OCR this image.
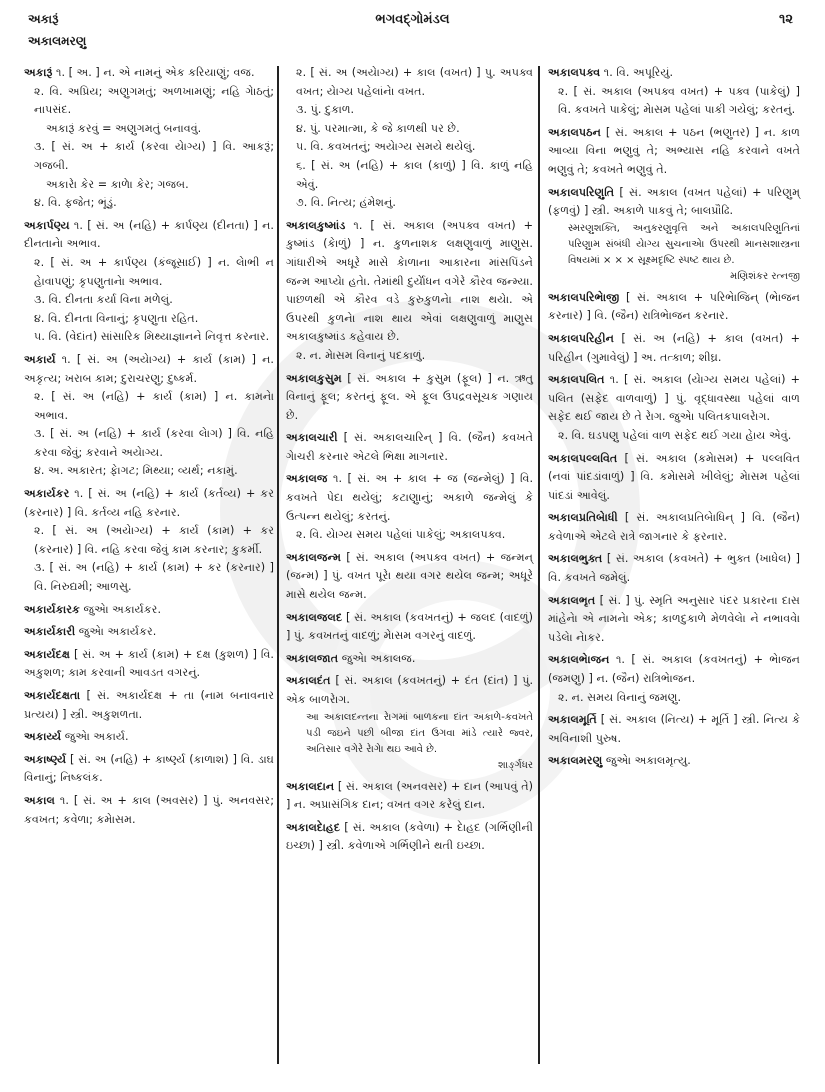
અકારૂં	ભગવદ્ગોમંડલ	૧૨
અકાલમરણુ
અકારૂં ૧. [ અ. ] ન. એ નામનું એક કરિયાણું; વજ.
૨. વિ. અપ્રિય; અણુગમતું; અળખામણું; નહિ ગેાઠતું; નાપસંદ.
અકારૂં કરવું = અણુગમતું બનાવવું.
૩. [ સં. અ + કાર્ય (કરવા યેાગ્ય) ] વિ. આકરૂં; ગજબી.
અકારેા કેર = કાળેા કેર; ગજબ.
૪. વિ. ફજેત; ભૂંડું.
અકાર્પણ્ય ૧. [ સં. અ (નહિ) + કાર્પણ્ય (દીનતા) ] ન. દીનતાનેા અભાવ.
૨. [ સં. અ + કાર્પણ્ય (કંજૂસાઈ) ] ન. લેાભી ન હેાવાપણું; કૃપણુતાનેા અભાવ.
૩. વિ. દીનતા કર્યા વિના મળેલું.
૪. વિ. દીનતા વિનાનું; કૃપણુતા રહિત.
૫. વિ. (વેદાંત) સાંસારિક મિથ્યાજ્ઞાનને નિવૃત્ત કરનાર.
અકાર્ય ૧. [ સં. અ (અયેાગ્ય) + કાર્ય (કામ) ] ન. અકૃત્ય; ખરાબ કામ; દુરાચરણુ; દુષ્કર્મ.
૨. [ સં. અ (નહિ) + કાર્ય (કામ) ] ન. કામનેા અભાવ.
૩. [ સં. અ (નહિ) + કાર્ય (કરવા લેાગ) ] વિ. નહિ કરવા જેવું; કરવાને અયેાગ્ય.
૪. અ. અકારત; ફેાગટ; મિથ્યા; વ્યર્થ; નકામું.
અકાર્યકર ૧. [ સં. અ (નહિ) + કાર્ય (કર્તવ્ય) + કર (કરનાર) ] વિ. કર્તવ્ય નહિ કરનાર.
૨. [ સં. અ (અયેાગ્ય) + કાર્ય (કામ) + કર (કરનાર) ] વિ. નહિ કરવા જેવું કામ કરનાર; કુકર્મી.
૩. [ સં. અ (નહિ) + કાર્ય (કામ) + કર (કરનાર) ] વિ. નિરુદ્યમી; આળસુ.
અકાર્યકારક જુએા અકાર્યકર.
અકાર્યકારી જુએા અકાર્યકર.
અકાર્યદક્ષ [ સં. અ + કાર્ય (કામ) + દક્ષ (કુશળ) ] વિ. અકુશળ; કામ કરવાની આવડત વગરનું.
અકાર્યદક્ષતા [ સં. અકાર્યદક્ષ + તા (નામ બનાવનાર પ્રત્યય) ] સ્ત્રી. અકુશળતા.
અકાર્ય્ય જુએા અકાર્ય.
અકાર્ષ્ણ્ય [ સં. અ (નહિ) + કાર્ષ્ણ્ય (કાળાશ) ] વિ. ડાઘ વિનાનું; નિષ્કલંક.
અકાલ ૧. [ સં. અ + કાલ (અવસર) ] પું. અનવસર; કવખત; કવેળા; કમેાસમ.
૨. [ સં. અ (અયેાગ્ય) + કાલ (વખત) ] પુ. અપક્વ વખત; યેાગ્ય પહેલાંનેા વખત.
૩. પું. દુકાળ.
૪. પું. પરમાત્મા, કે જે કાળથી પર છે.
૫. વિ. કવખતનું; અયેાગ્ય સમયે થયેલું.
૬. [ સં. અ (નહિ) + કાલ (કાળું) ] વિ. કાળું નહિ એવું.
૭. વિ. નિત્ય; હંમેશનું.
અકાલકુષ્માંડ ૧. [ સં. અકાલ (અપક્વ વખત) + કુષ્માંડ (કેાળું) ] ન. કુળનાશક લક્ષણુવાળું માણુસ. ગાંધારીએ અધૂરે માસે કેાળાના આકારના માંસપિંડને જન્મ આપ્યેા હતેા. તેમાંથી દુર્યેાધન વગેરે કૌરવ જન્મ્યા. પાછળથી એ કૌરવ વડે કુરુકુળનેા નાશ થયેા. એ ઉપરથી કુળનેા નાશ થાય એવાં લક્ષણુવાળું માણુસ અકાલકુષ્માંડ કહેવાય છે.
૨. ન. મેાસમ વિનાનું પદકાળું.
અકાલકુસુમ [ સં. અકાલ + કુસુમ (ફૂલ) ] ન. ઋતુ વિનાનું ફૂલ; કરતનું ફૂલ. એ ફૂલ ઉપદ્રવસૂચક ગણાય છે.
અકાલચારી [ સં. અકાલચારિન્ ] વિ. (જૈન) કવખતે ગેાચરી કરનાર એટલે ભિક્ષા માગનાર.
અકાલજ ૧. [ સં. અ + કાલ + જ (જન્મેલું) ] વિ. કવખતે પેદા થયેલું; કટાણુાનું; અકાળે જન્મેલું કે ઉત્પન્ન થયેલું; કરતનું.
૨. વિ. યેાગ્ય સમય પહેલાં પાકેલું; અકાલપક્વ.
અકાલજન્મ [ સં. અકાલ (અપક્વ વખત) + જન્મન્ (જન્મ) ] પું. વખત પૂરેા થયા વગર થયેલ જન્મ; અધૂરે માસે થયેલ જન્મ.
અકાલજલદ [ સં. અકાલ (કવખતનું) + જલદ (વાદળું) ] પું. કવખતનું વાદળું; મેાસમ વગરનું વાદળું.
અકાલજાત જુએા અકાલજ.
અકાલદંત [ સં. અકાલ (કવખતનું) + દંત (દાંત) ] પું. એક બાળરેાગ.
આ અકાલદન્તના રેાગમાં બાળકના દાંત અકાળે-કવખતે પડી જઇને પછી બીજા દાંત ઉગવા માંડે ત્યારે જ્વર, અતિસાર વગેરે રેાગેા થઇ આવે છે.
શાર્ઙ્ગધર
અકાલદાન [ સં. અકાલ (અનવસર) + દાન (આપવું તે) ] ન. અપ્રાસંગિક દાન; વખત વગર કરેલું દાન.
અકાલદેાહદ [ સં. અકાલ (કવેળા) + દેાહદ (ગર્ભિણીની ઇચ્છા) ] સ્ત્રી. કવેળાએ ગર્ભિણીને થતી ઇચ્છા.
અકાલપક્વ ૧. વિ. અપૂરિયું.
૨. [ સં. અકાલ (અપક્વ વખત) + પક્વ (પાકેલું) ] વિ. કવખતે પાકેલું; મેાસમ પહેલાં પાકી ગયેલું; કરતનું.
અકાલપઠન [ સં. અકાલ + પઠન (ભણુતર) ] ન. કાળ આવ્યા વિના ભણુવું તે; અભ્યાસ નહિ કરવાને વખતે ભણુવું તે; કવખતે ભણુવું તે.
અકાલપરિણુતિ [ સં. અકાલ (વખત પહેલાં) + પરિણુમ્ (ફળવું) ] સ્ત્રી. અકાળે પાકવું તે; બાલપ્રૌઢિ.
સ્મરણુશક્તિ, અનુકરણુવૃત્તિ અને અકાલપરિણુતિનાં પરિણુામ સંબંધી યેાગ્ય સુચનાએા ઉપરથી માનસશાસ્ત્રના વિષયમાં × × × સૂક્ષ્મદૃષ્ટિ સ્પષ્ટ થાય છે.
મણિશંકર રત્નજી
અકાલપરિભેાજી [ સં. અકાલ + પરિભેાજિન્ (ભેાજન કરનાર) ] વિ. (જૈન) રાત્રિભેાજન કરનાર.
અકાલપરિહીન [ સં. અ (નહિ) + કાલ (વખત) + પરિહીન (ગુમાવેલું) ] અ. તત્કાળ; શીઘ્ર.
અકાલપલિત ૧. [ સં. અકાલ (યેાગ્ય સમય પહેલાં) + પલિત (સફેદ વાળવાળું) ] પું. વૃદ્ધાવસ્થા પહેલાં વાળ સફેદ થઈ જાય છે તે રેાગ. જુએા પલિતકપાલરેાગ.
૨. વિ. ઘડપણુ પહેલાં વાળ સફેદ થઈ ગયા હેાય એવું.
અકાલપલ્લવિત [ સં. અકાલ (કમેાસમ) + પલ્લવિત (નવાં પાંદડાંવાળું) ] વિ. કમેાસમે ખીલેલું; મેાસમ પહેલાં પાંદડાં આવેલું.
અકાલપ્રતિબેાધી [ સં. અકાલપ્રતિબેાધિન્ ] વિ. (જૈન) કવેળાએ એટલે રાત્રે જાગનાર કે ફરનાર.
અકાલભુક્ત [ સં. અકાલ (કવખતે) + ભુક્ત (ખાધેલ) ] વિ. કવખતે જમેલું.
અકાલભૃત [ સં. ] પું. સ્મૃતિ અનુસાર પંદર પ્રકારના દાસ માંહેનેા એ નામનેા એક; કાળદુકાળે મેળવેલેા ને નભાવવેા પડેલેા નેાકર.
અકાલભેાજન ૧. [ સં. અકાલ (કવખતનું) + ભેાજન (જમણુ) ] ન. (જૈન) રાત્રિભેાજન.
૨. ન. સમય વિનાનું જમણુ.
અકાલમૂર્તિ [ સં. અકાલ (નિત્ય) + મૂર્તિ ] સ્ત્રી. નિત્ય કે અવિનાશી પુરુષ.
અકાલમરણુ જુએા અકાલમૃત્યુ.
